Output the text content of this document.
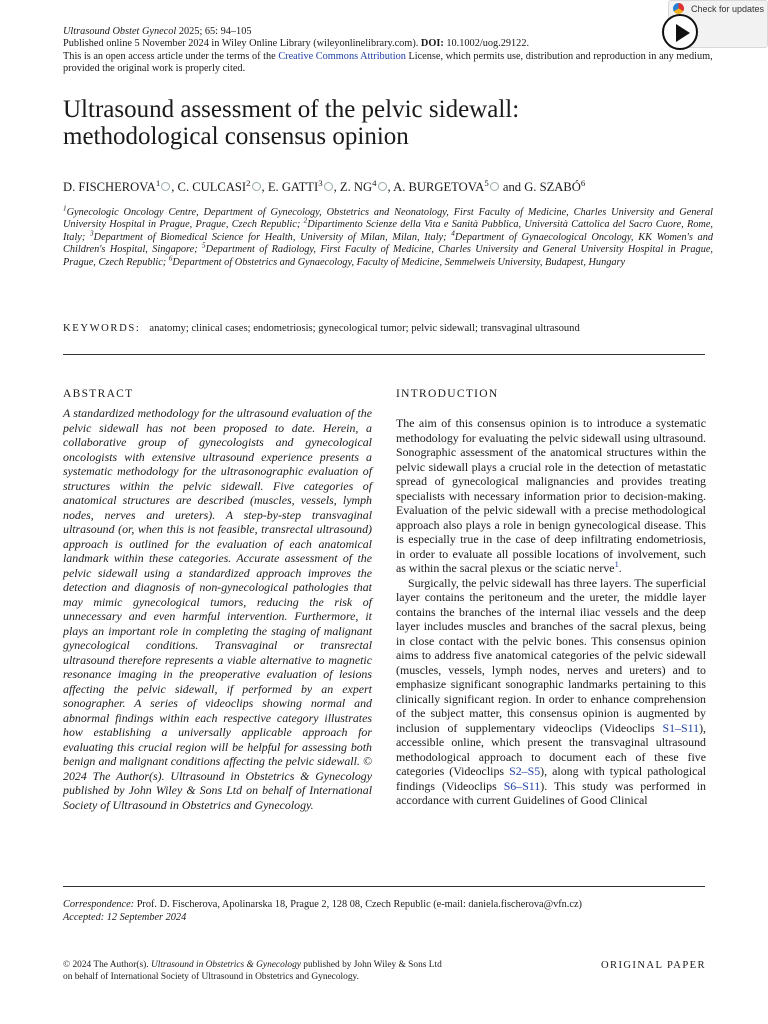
Ultrasound Obstet Gynecol 2025; 65: 94–105
Published online 5 November 2024 in Wiley Online Library (wileyonlinelibrary.com). DOI: 10.1002/uog.29122.
This is an open access article under the terms of the Creative Commons Attribution License, which permits use, distribution and reproduction in any medium, provided the original work is properly cited.
Check for updates
Ultrasound assessment of the pelvic sidewall:
methodological consensus opinion
D. FISCHEROVA$^1$ , C. CULCASI$^2$ , E. GATTI$^3$ , Z. $NG^4$ , A. BURGETOVA$^5$ and G. SZABÓ$^6$
$^1$Gynecologic Oncology Centre, Department of Gynecology, Obstetrics and Neonatology, First Faculty of Medicine, Charles University and General University Hospital in Prague, Prague, Czech Republic; $^2$Dipartimento Scienze della Vita e Sanità Pubblica, Università Cattolica del Sacro Cuore, Rome, Italy; $^3$Department of Biomedical Science for Health, University of Milan, Milan, Italy; $^4$Department of Gynaecological Oncology, KK Women's and Children's Hospital, Singapore; $^5$Department of Radiology, First Faculty of Medicine, Charles University and General University Hospital in Prague, Prague, Czech Republic; $^6$Department of Obstetrics and Gynaecology, Faculty of Medicine, Semmelweis University, Budapest, Hungary
KEYWORDS: anatomy; clinical cases; endometriosis; gynecological tumor; pelvic sidewall; transvaginal ultrasound
ABSTRACT
A standardized methodology for the ultrasound evaluation of the pelvic sidewall has not been proposed to date. Herein, a collaborative group of gynecologists and gynecological oncologists with extensive ultrasound experience presents a systematic methodology for the ultrasonographic evaluation of structures within the pelvic sidewall. Five categories of anatomical structures are described (muscles, vessels, lymph nodes, nerves and ureters). A step-by-step transvaginal ultrasound (or, when this is not feasible, transrectal ultrasound) approach is outlined for the evaluation of each anatomical landmark within these categories. Accurate assessment of the pelvic sidewall using a standardized approach improves the detection and diagnosis of non-gynecological pathologies that may mimic gynecological tumors, reducing the risk of unnecessary and even harmful intervention. Furthermore, it plays an important role in completing the staging of malignant gynecological conditions. Transvaginal or transrectal ultrasound therefore represents a viable alternative to magnetic resonance imaging in the preoperative evaluation of lesions affecting the pelvic sidewall, if performed by an expert sonographer. A series of videoclips showing normal and abnormal findings within each respective category illustrates how establishing a universally applicable approach for evaluating this crucial region will be helpful for assessing both benign and malignant conditions affecting the pelvic sidewall. © 2024 The Author(s). Ultrasound in Obstetrics & Gynecology published by John Wiley & Sons Ltd on behalf of International Society of Ultrasound in Obstetrics and Gynecology.
INTRODUCTION

The aim of this consensus opinion is to introduce a systematic methodology for evaluating the pelvic sidewall using ultrasound. Sonographic assessment of the anatomical structures within the pelvic sidewall plays a crucial role in the detection of metastatic spread of gynecological malignancies and provides treating specialists with necessary information prior to decision-making. Evaluation of the pelvic sidewall with a precise methodological approach also plays a role in benign gynecological disease. This is especially true in the case of deep infiltrating endometriosis, in order to evaluate all possible locations of involvement, such as within the sacral plexus or the sciatic nerve$^1$.

Surgically, the pelvic sidewall has three layers. The superficial layer contains the peritoneum and the ureter, the middle layer contains the branches of the internal iliac vessels and the deep layer includes muscles and branches of the sacral plexus, being in close contact with the pelvic bones. This consensus opinion aims to address five anatomical categories of the pelvic sidewall (muscles, vessels, lymph nodes, nerves and ureters) and to emphasize significant sonographic landmarks pertaining to this clinically significant region. In order to enhance comprehension of the subject matter, this consensus opinion is augmented by inclusion of supplementary videoclips (Videoclips S1–S11), accessible online, which present the transvaginal ultrasound methodological approach to document each of these five categories (Videoclips S2–S5), along with typical pathological findings (Videoclips S6–S11). This study was performed in accordance with current Guidelines of Good Clinical

Correspondence: Prof. D. Fischerova, Apolinarska 18, Prague 2, 128 08, Czech Republic (e-mail: daniela.fischerova@vfn.cz)
Accepted: 12 September 2024
© 2024 The Author(s). Ultrasound in Obstetrics & Gynecology published by John Wiley & Sons Ltd
on behalf of International Society of Ultrasound in Obstetrics and Gynecology.
ORIGINAL PAPER
